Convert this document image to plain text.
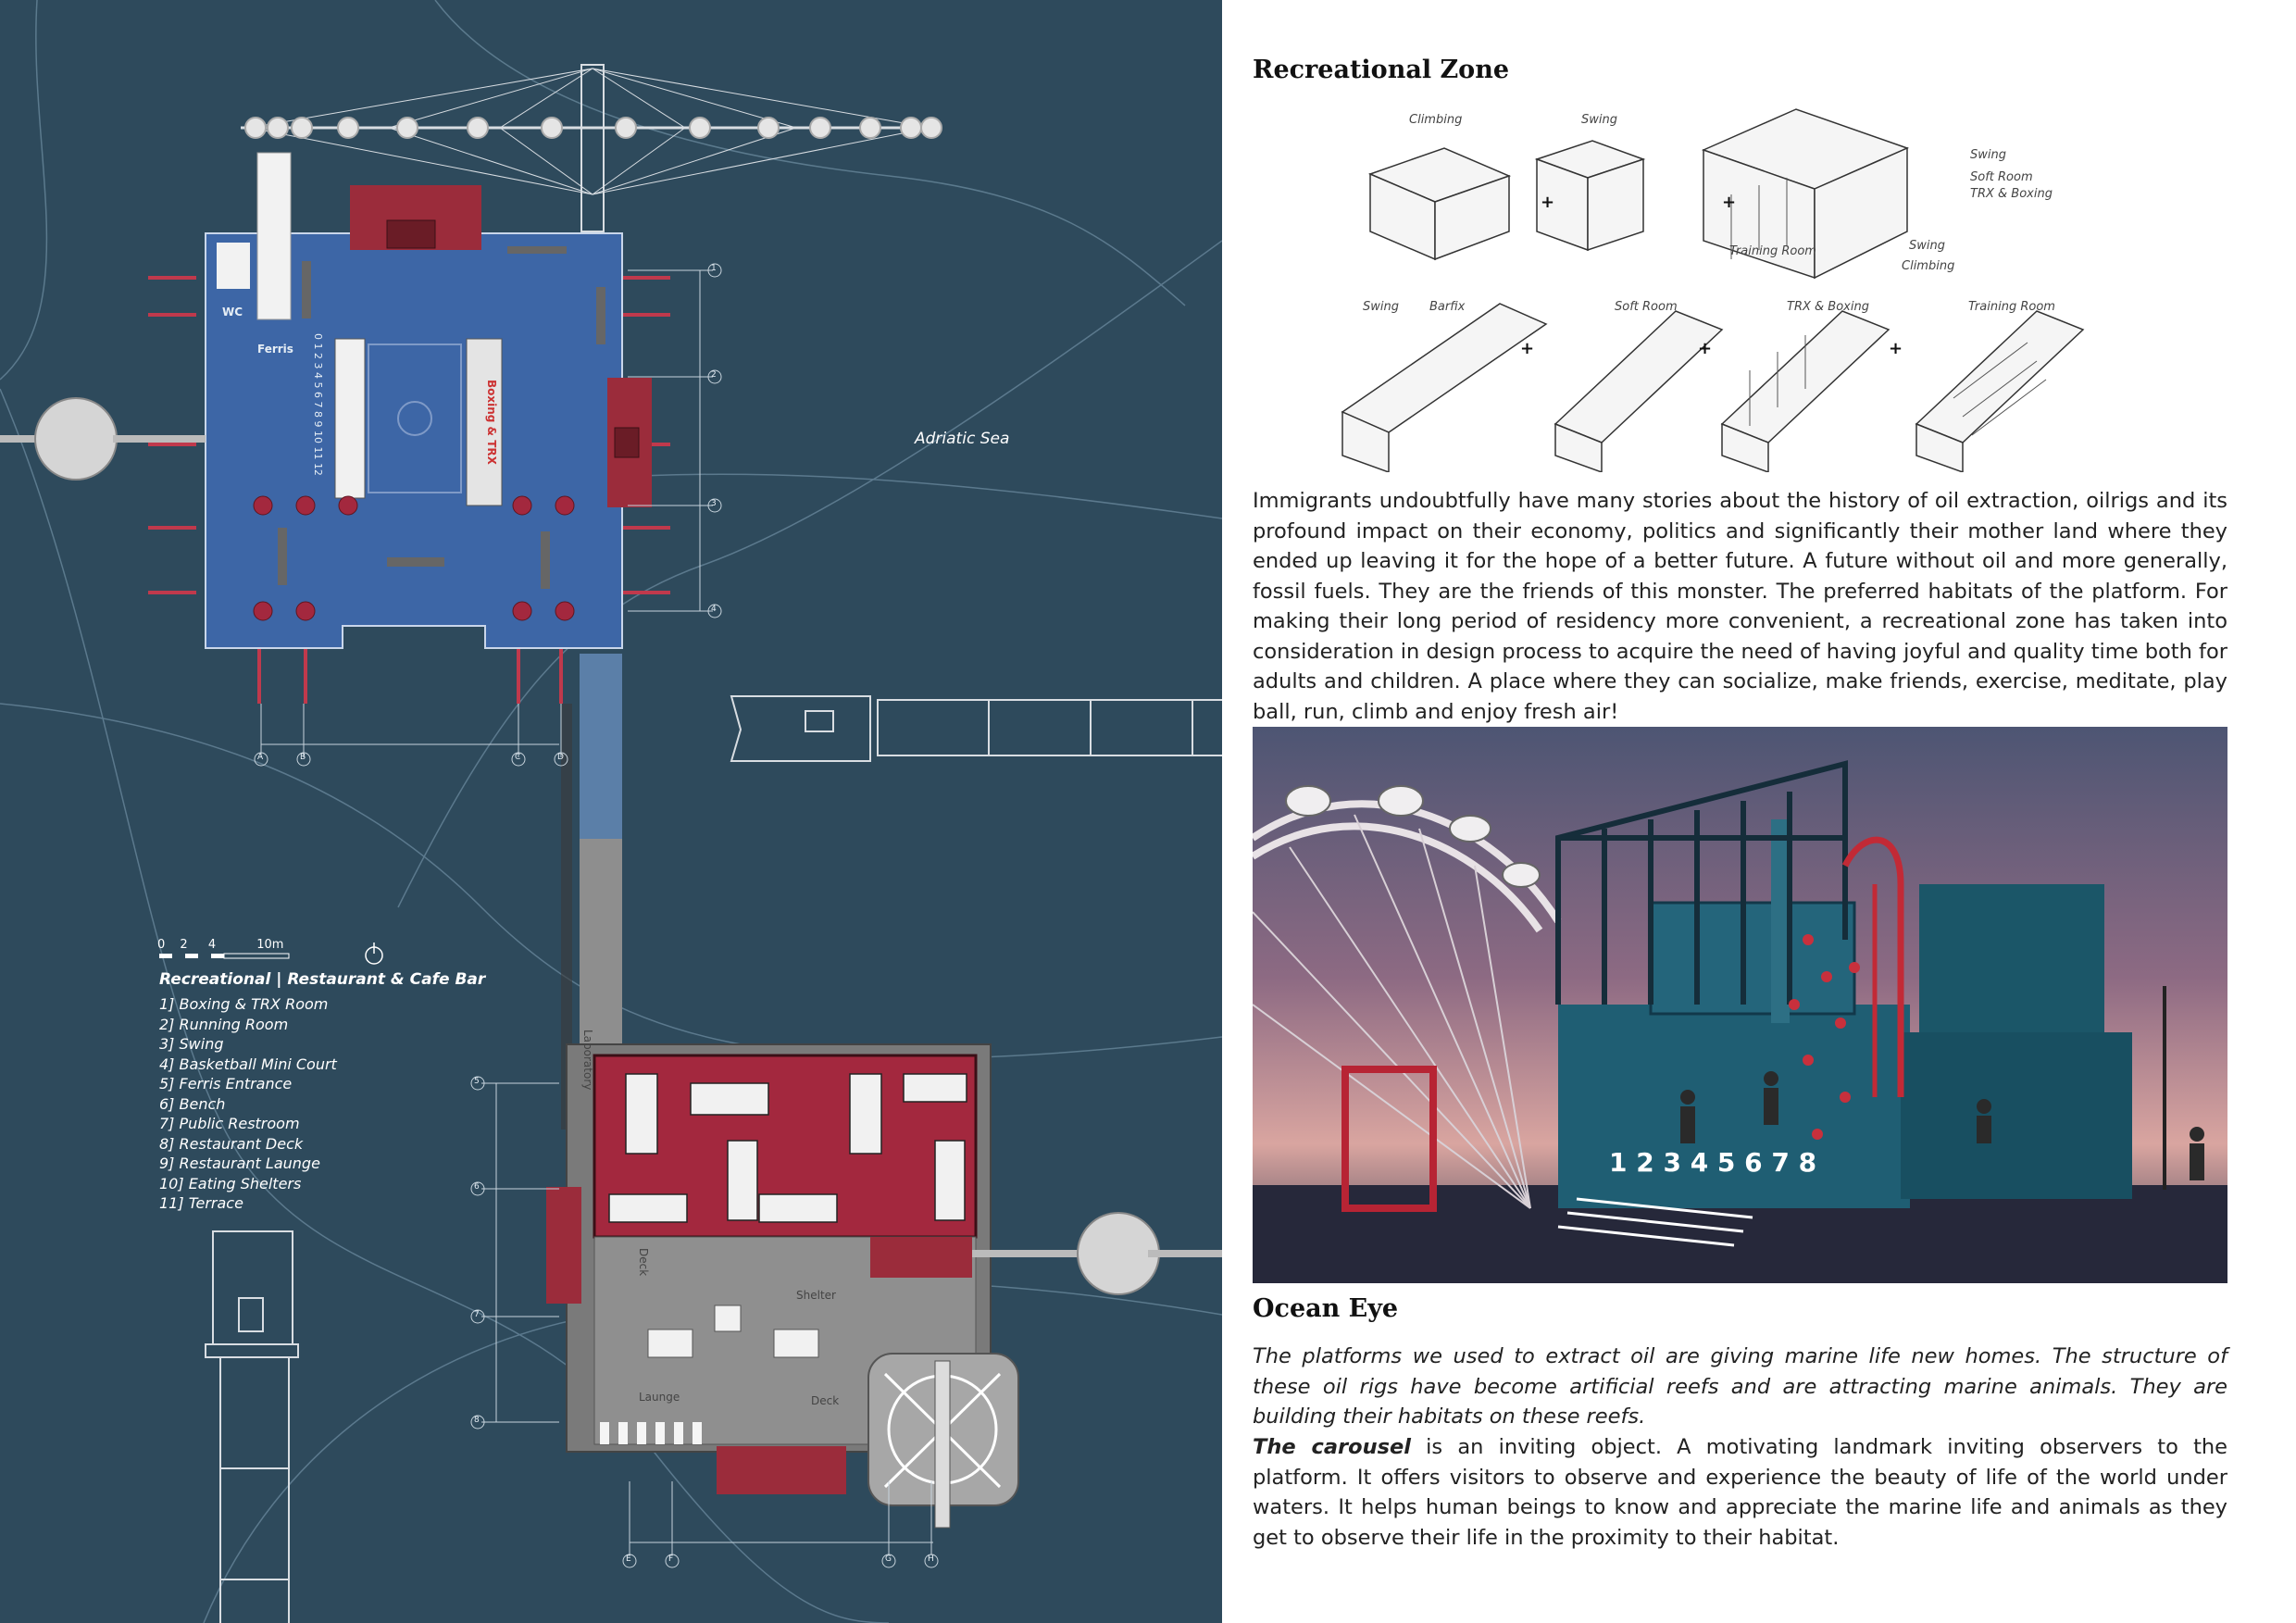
Adriatic Sea
0 2 4	10m
WC
Ferris
Boxing & TRX
0 1 2 3 4 5 6 7 8 9 10 11 12
Laboratory
Deck
Shelter
Launge	Deck
1
2
3
4
5
6
7
8
A	B	C	D
E	F	G	H
Recreational | Restaurant & Cafe Bar
1] Boxing & TRX Room
2] Running Room
3] Swing
4] Basketball Mini Court
5] Ferris Entrance
6] Bench
7] Public Restroom
8] Restaurant Deck
9] Restaurant Launge
10] Eating Shelters
11] Terrace
Recreational Zone
+	+
+	+	+
Climbing	Swing
Swing
Soft Room
TRX & Boxing
Training Room	Swing
Climbing
Swing	Barfix	Soft Room	TRX & Boxing	Training Room

Immigrants undoubtfully have many stories about the history of oil extraction, oilrigs and its profound impact on their economy, politics and significantly their mother land where they ended up leaving it for the hope of a better future. A future without oil and more generally, fossil fuels. They are the friends of this monster. The preferred habitats of the platform. For making their long period of residency more convenient, a recreational zone has taken into consideration in design process to acquire the need of having joyful and quality time both for adults and children. A place where they can socialize, make friends, exercise, meditate, play ball, run, climb and enjoy fresh air!

1 2 3 4 5 6 7 8
Ocean Eye

The platforms we used to extract oil are giving marine life new homes. The structure of these oil rigs have become artificial reefs and are attracting marine animals. They are building their habitats on these reefs.

The carousel is an inviting object. A motivating landmark inviting observers to the platform. It offers visitors to observe and experience the beauty of life of the world under waters. It helps human beings to know and appreciate the marine life and animals as they get to observe their life in the proximity to their habitat.
